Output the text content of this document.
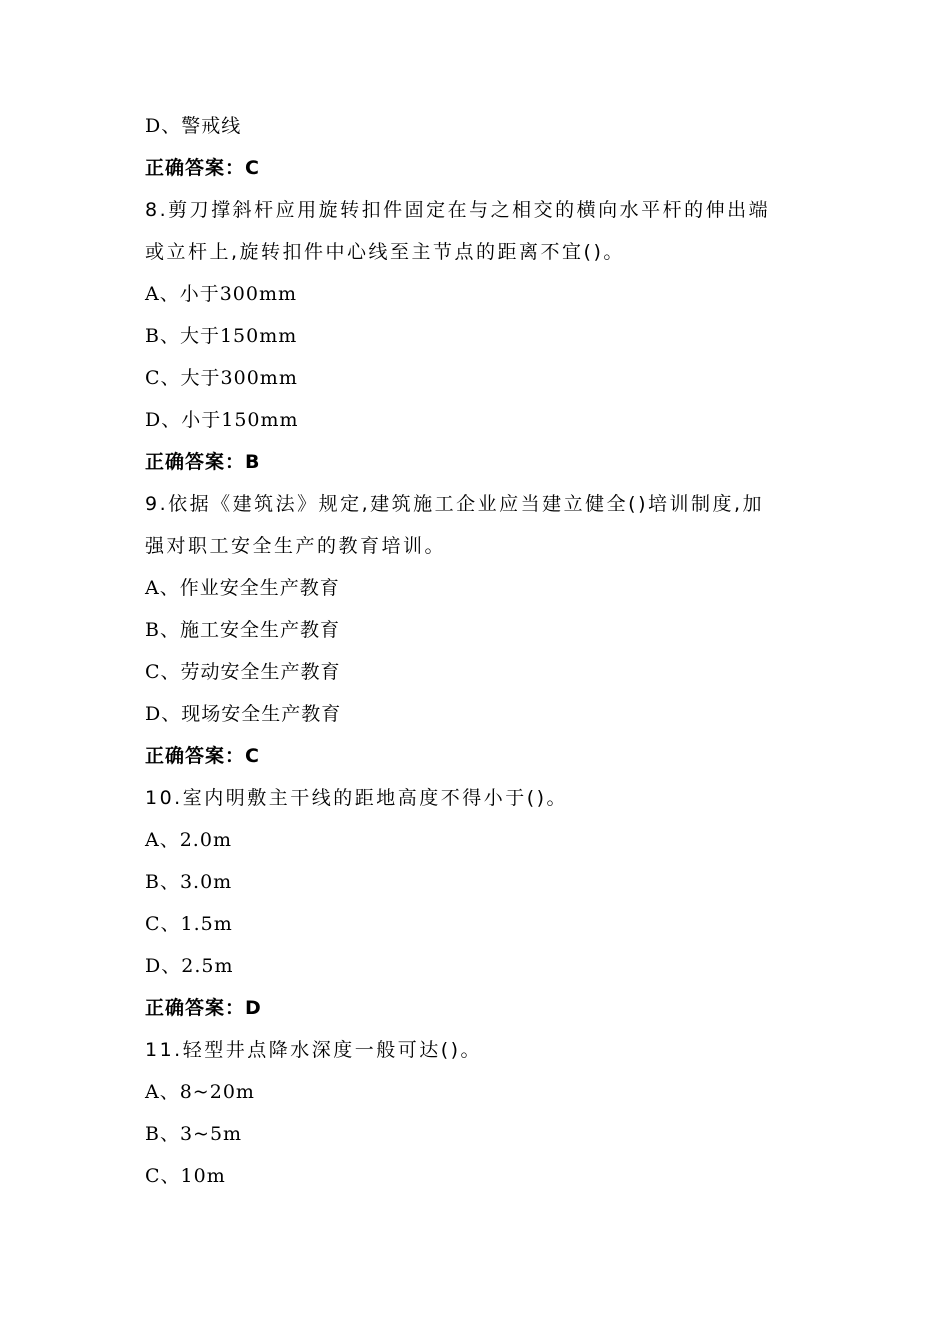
D、警戒线
正确答案：C
8.剪刀撑斜杆应用旋转扣件固定在与之相交的横向水平杆的伸出端
或立杆上,旋转扣件中心线至主节点的距离不宜()。
A、小于300mm
B、大于150mm
C、大于300mm
D、小于150mm
正确答案：B
9.依据《建筑法》规定,建筑施工企业应当建立健全()培训制度,加
强对职工安全生产的教育培训。
A、作业安全生产教育
B、施工安全生产教育
C、劳动安全生产教育
D、现场安全生产教育
正确答案：C
10.室内明敷主干线的距地高度不得小于()。
A、2.0m
B、3.0m
C、1.5m
D、2.5m
正确答案：D
11.轻型井点降水深度一般可达()。
A、8~20m
B、3~5m
C、10m
